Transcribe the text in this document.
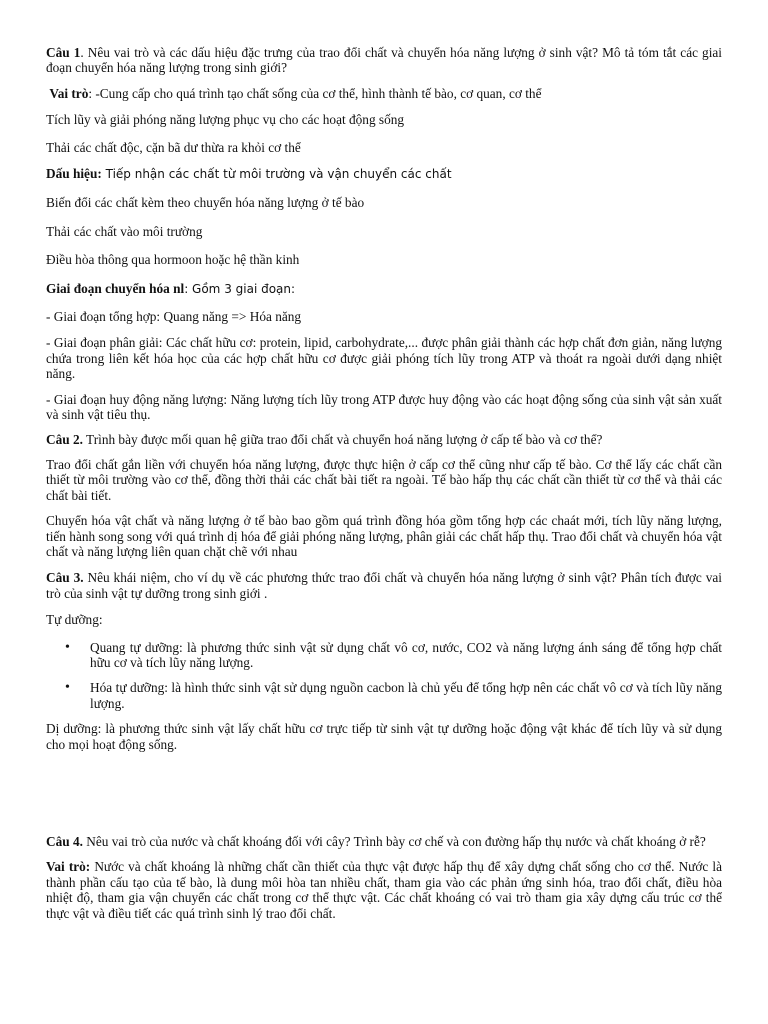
Câu 1. Nêu vai trò và các dấu hiệu đặc trưng của trao đổi chất và chuyển hóa năng lượng ở sinh vật? Mô tả tóm tắt các giai đoạn chuyển hóa năng lượng trong sinh giới?

Vai trò: -Cung cấp cho quá trình tạo chất sống của cơ thể, hình thành tế bào, cơ quan, cơ thể

Tích lũy và giải phóng năng lượng phục vụ cho các hoạt động sống

Thải các chất độc, cặn bã dư thừa ra khỏi cơ thể

Dấu hiệu: Tiếp nhận các chất từ môi trường và vận chuyển các chất

Biến đổi các chất kèm theo chuyển hóa năng lượng ở tế bào

Thải các chất vào môi trường

Điều hòa thông qua hormoon hoặc hệ thần kinh

Giai đoạn chuyển hóa nl: Gồm 3 giai đoạn:

- Giai đoạn tổng hợp: Quang năng => Hóa năng

- Giai đoạn phân giải: Các chất hữu cơ: protein, lipid, carbohydrate,... được phân giải thành các hợp chất đơn giản, năng lượng chứa trong liên kết hóa học của các hợp chất hữu cơ được giải phóng tích lũy trong ATP và thoát ra ngoài dưới dạng nhiệt năng.

- Giai đoạn huy động năng lượng: Năng lượng tích lũy trong ATP được huy động vào các hoạt động sống của sinh vật sản xuất và sinh vật tiêu thụ.

Câu 2. Trình bày được mối quan hệ giữa trao đổi chất và chuyển hoá năng lượng ở cấp tế bào và cơ thể?

Trao đổi chất gắn liền với chuyển hóa năng lượng, được thực hiện ở cấp cơ thể cũng như cấp tế bào. Cơ thể lấy các chất cần thiết từ môi trường vào cơ thể, đồng thời thải các chất bài tiết ra ngoài. Tế bào hấp thụ các chất cần thiết từ cơ thể và thải các chất bài tiết.

Chuyển hóa vật chất và năng lượng ở tế bào bao gồm quá trình đồng hóa gồm tổng hợp các chaát mới, tích lũy năng lượng, tiến hành song song với quá trình dị hóa để giải phóng năng lượng, phân giải các chất hấp thụ. Trao đổi chất và chuyển hóa vật chất và năng lượng liên quan chặt chẽ với nhau

Câu 3. Nêu khái niệm, cho ví dụ về các phương thức trao đổi chất và chuyển hóa năng lượng ở sinh vật? Phân tích được vai trò của sinh vật tự dưỡng trong sinh giới .

Tự dưỡng:

• Quang tự dưỡng: là phương thức sinh vật sử dụng chất vô cơ, nước, CO2 và năng lượng ánh sáng để tổng hợp chất hữu cơ và tích lũy năng lượng.
• Hóa tự dưỡng: là hình thức sinh vật sử dụng nguồn cacbon là chủ yếu để tổng hợp nên các chất vô cơ và tích lũy năng lượng.

Dị dưỡng: là phương thức sinh vật lấy chất hữu cơ trực tiếp từ sinh vật tự dưỡng hoặc động vật khác để tích lũy và sử dụng cho mọi hoạt động sống.

Câu 4. Nêu vai trò của nước và chất khoáng đối với cây? Trình bày cơ chế và con đường hấp thụ nước và chất khoáng ở rễ?

Vai trò: Nước và chất khoáng là những chất cần thiết của thực vật được hấp thụ để xây dựng chất sống cho cơ thể. Nước là thành phần cấu tạo của tế bào, là dung môi hòa tan nhiều chất, tham gia vào các phản ứng sinh hóa, trao đổi chất, điều hòa nhiệt độ, tham gia vận chuyển các chất trong cơ thể thực vật. Các chất khoáng có vai trò tham gia xây dựng cấu trúc cơ thể thực vật và điều tiết các quá trình sinh lý trao đổi chất.
